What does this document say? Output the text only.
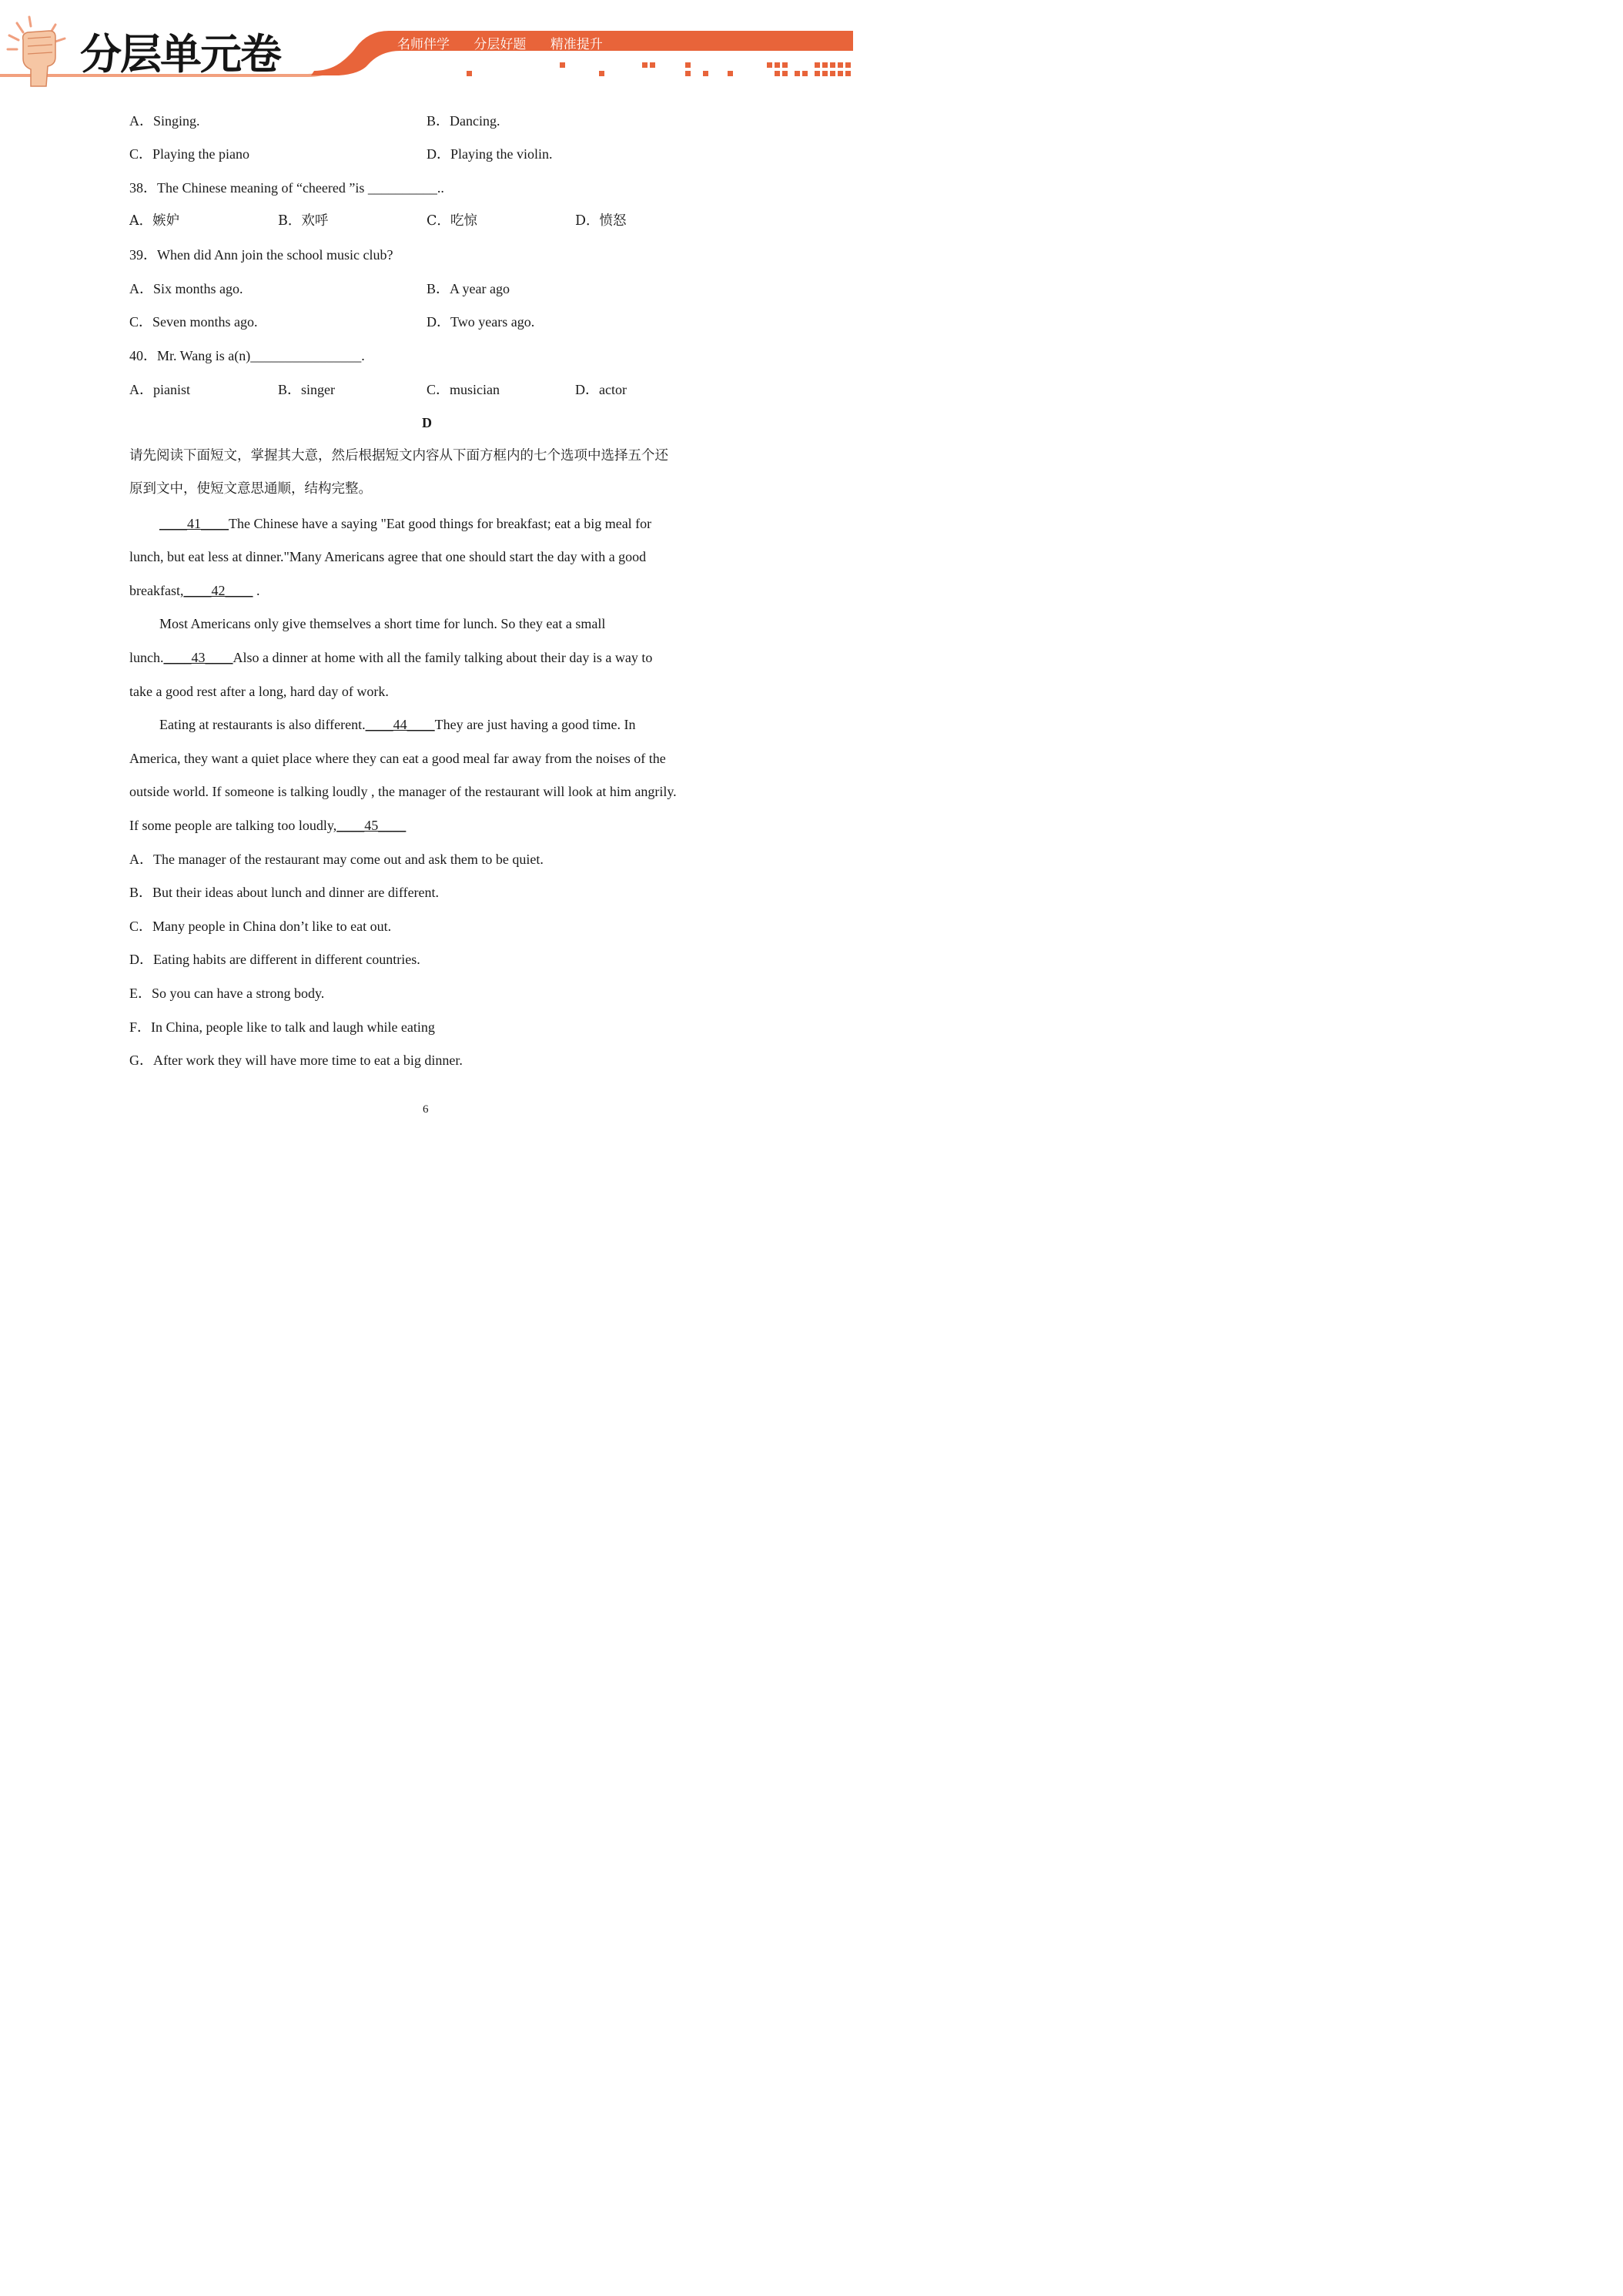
分层单元卷	名师伴学 分层好题 精准提升
A．Singing.	B．Dancing.
C．Playing the piano	D．Playing the violin.
38．The Chinese meaning of “cheered ”is __________..
A．嫉妒	B．欢呼	C．吃惊	D．愤怒
39．When did Ann join the school music club?
A．Six months ago.	B．A year ago
C．Seven months ago.	D．Two years ago.
40．Mr. Wang is a(n)________________.
A．pianist	B．singer	C．musician	D．actor
D
请先阅读下面短文，掌握其大意，然后根据短文内容从下面方框内的七个选项中选择五个还
原到文中，使短文意思通顺，结构完整。
____41____The Chinese have a saying "Eat good things for breakfast; eat a big meal for
lunch, but eat less at dinner."Many Americans agree that one should start the day with a good
breakfast,____42____ .
Most Americans only give themselves a short time for lunch. So they eat a small
lunch.____43____Also a dinner at home with all the family talking about their day is a way to
take a good rest after a long, hard day of work.
Eating at restaurants is also different.____44____They are just having a good time. In
America, they want a quiet place where they can eat a good meal far away from the noises of the
outside world. If someone is talking loudly , the manager of the restaurant will look at him angrily.
If some people are talking too loudly,____45____
A．The manager of the restaurant may come out and ask them to be quiet.
B．But their ideas about lunch and dinner are different.
C．Many people in China don’t like to eat out.
D．Eating habits are different in different countries.
E．So you can have a strong body.
F．In China, people like to talk and laugh while eating
G．After work they will have more time to eat a big dinner.
6
